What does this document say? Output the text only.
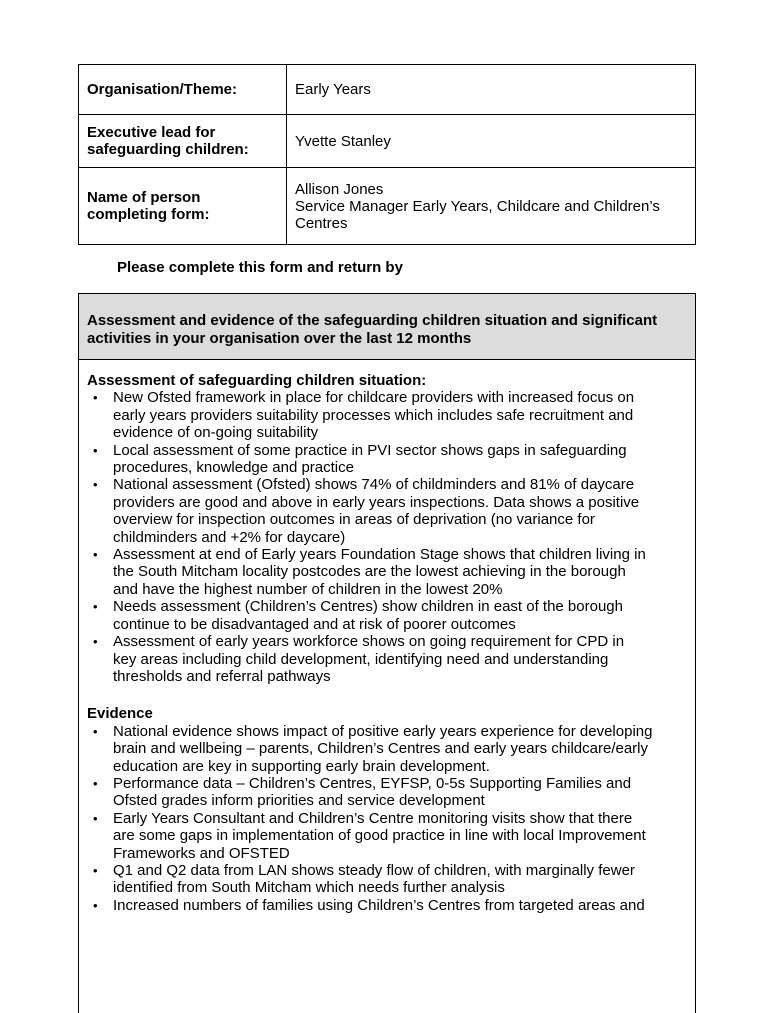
Organisation/Theme:	Early Years

Executive lead for
safeguarding children:	Yvette Stanley

Name of person
completing form:	Allison Jones
Service Manager Early Years, Childcare and Children’s
Centres
Please complete this form and return by
Assessment and evidence of the safeguarding children situation and significant
activities in your organisation over the last 12 months
Assessment of safeguarding children situation:
• New Ofsted framework in place for childcare providers with increased focus on
early years providers suitability processes which includes safe recruitment and
evidence of on-going suitability
• Local assessment of some practice in PVI sector shows gaps in safeguarding
procedures, knowledge and practice
• National assessment (Ofsted) shows 74% of childminders and 81% of daycare
providers are good and above in early years inspections. Data shows a positive
overview for inspection outcomes in areas of deprivation (no variance for
childminders and +2% for daycare)
• Assessment at end of Early years Foundation Stage shows that children living in
the South Mitcham locality postcodes are the lowest achieving in the borough
and have the highest number of children in the lowest 20%
• Needs assessment (Children’s Centres) show children in east of the borough
continue to be disadvantaged and at risk of poorer outcomes
• Assessment of early years workforce shows on going requirement for CPD in
key areas including child development, identifying need and understanding
thresholds and referral pathways
Evidence
• National evidence shows impact of positive early years experience for developing
brain and wellbeing – parents, Children’s Centres and early years childcare/early
education are key in supporting early brain development.
• Performance data – Children’s Centres, EYFSP, 0-5s Supporting Families and
Ofsted grades inform priorities and service development
• Early Years Consultant and Children’s Centre monitoring visits show that there
are some gaps in implementation of good practice in line with local Improvement
Frameworks and OFSTED
• Q1 and Q2 data from LAN shows steady flow of children, with marginally fewer
identified from South Mitcham which needs further analysis
• Increased numbers of families using Children’s Centres from targeted areas and
